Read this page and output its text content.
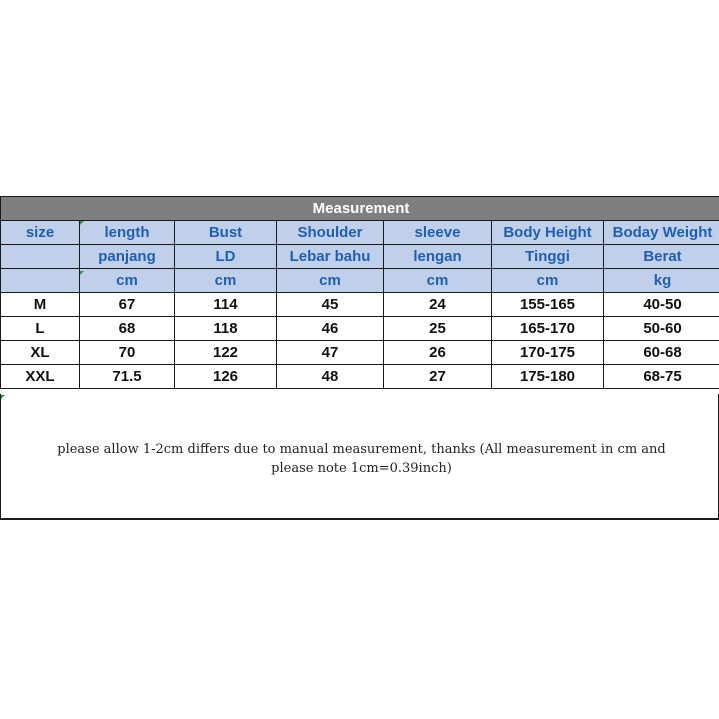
Measurement						
size	length	Bust	Shoulder	sleeve	Body Height	Boday Weight
	panjang	LD	Lebar bahu	lengan	Tinggi	Berat
	cm	cm	cm	cm	cm	kg
M	67	114	45	24	155-165	40-50
L	68	118	46	25	165-170	50-60
XL	70	122	47	26	170-175	60-68
XXL	71.5	126	48	27	175-180	68-75
please allow 1-2cm differs due to manual measurement, thanks (All measurement in cm and
please note 1cm=0.39inch)
